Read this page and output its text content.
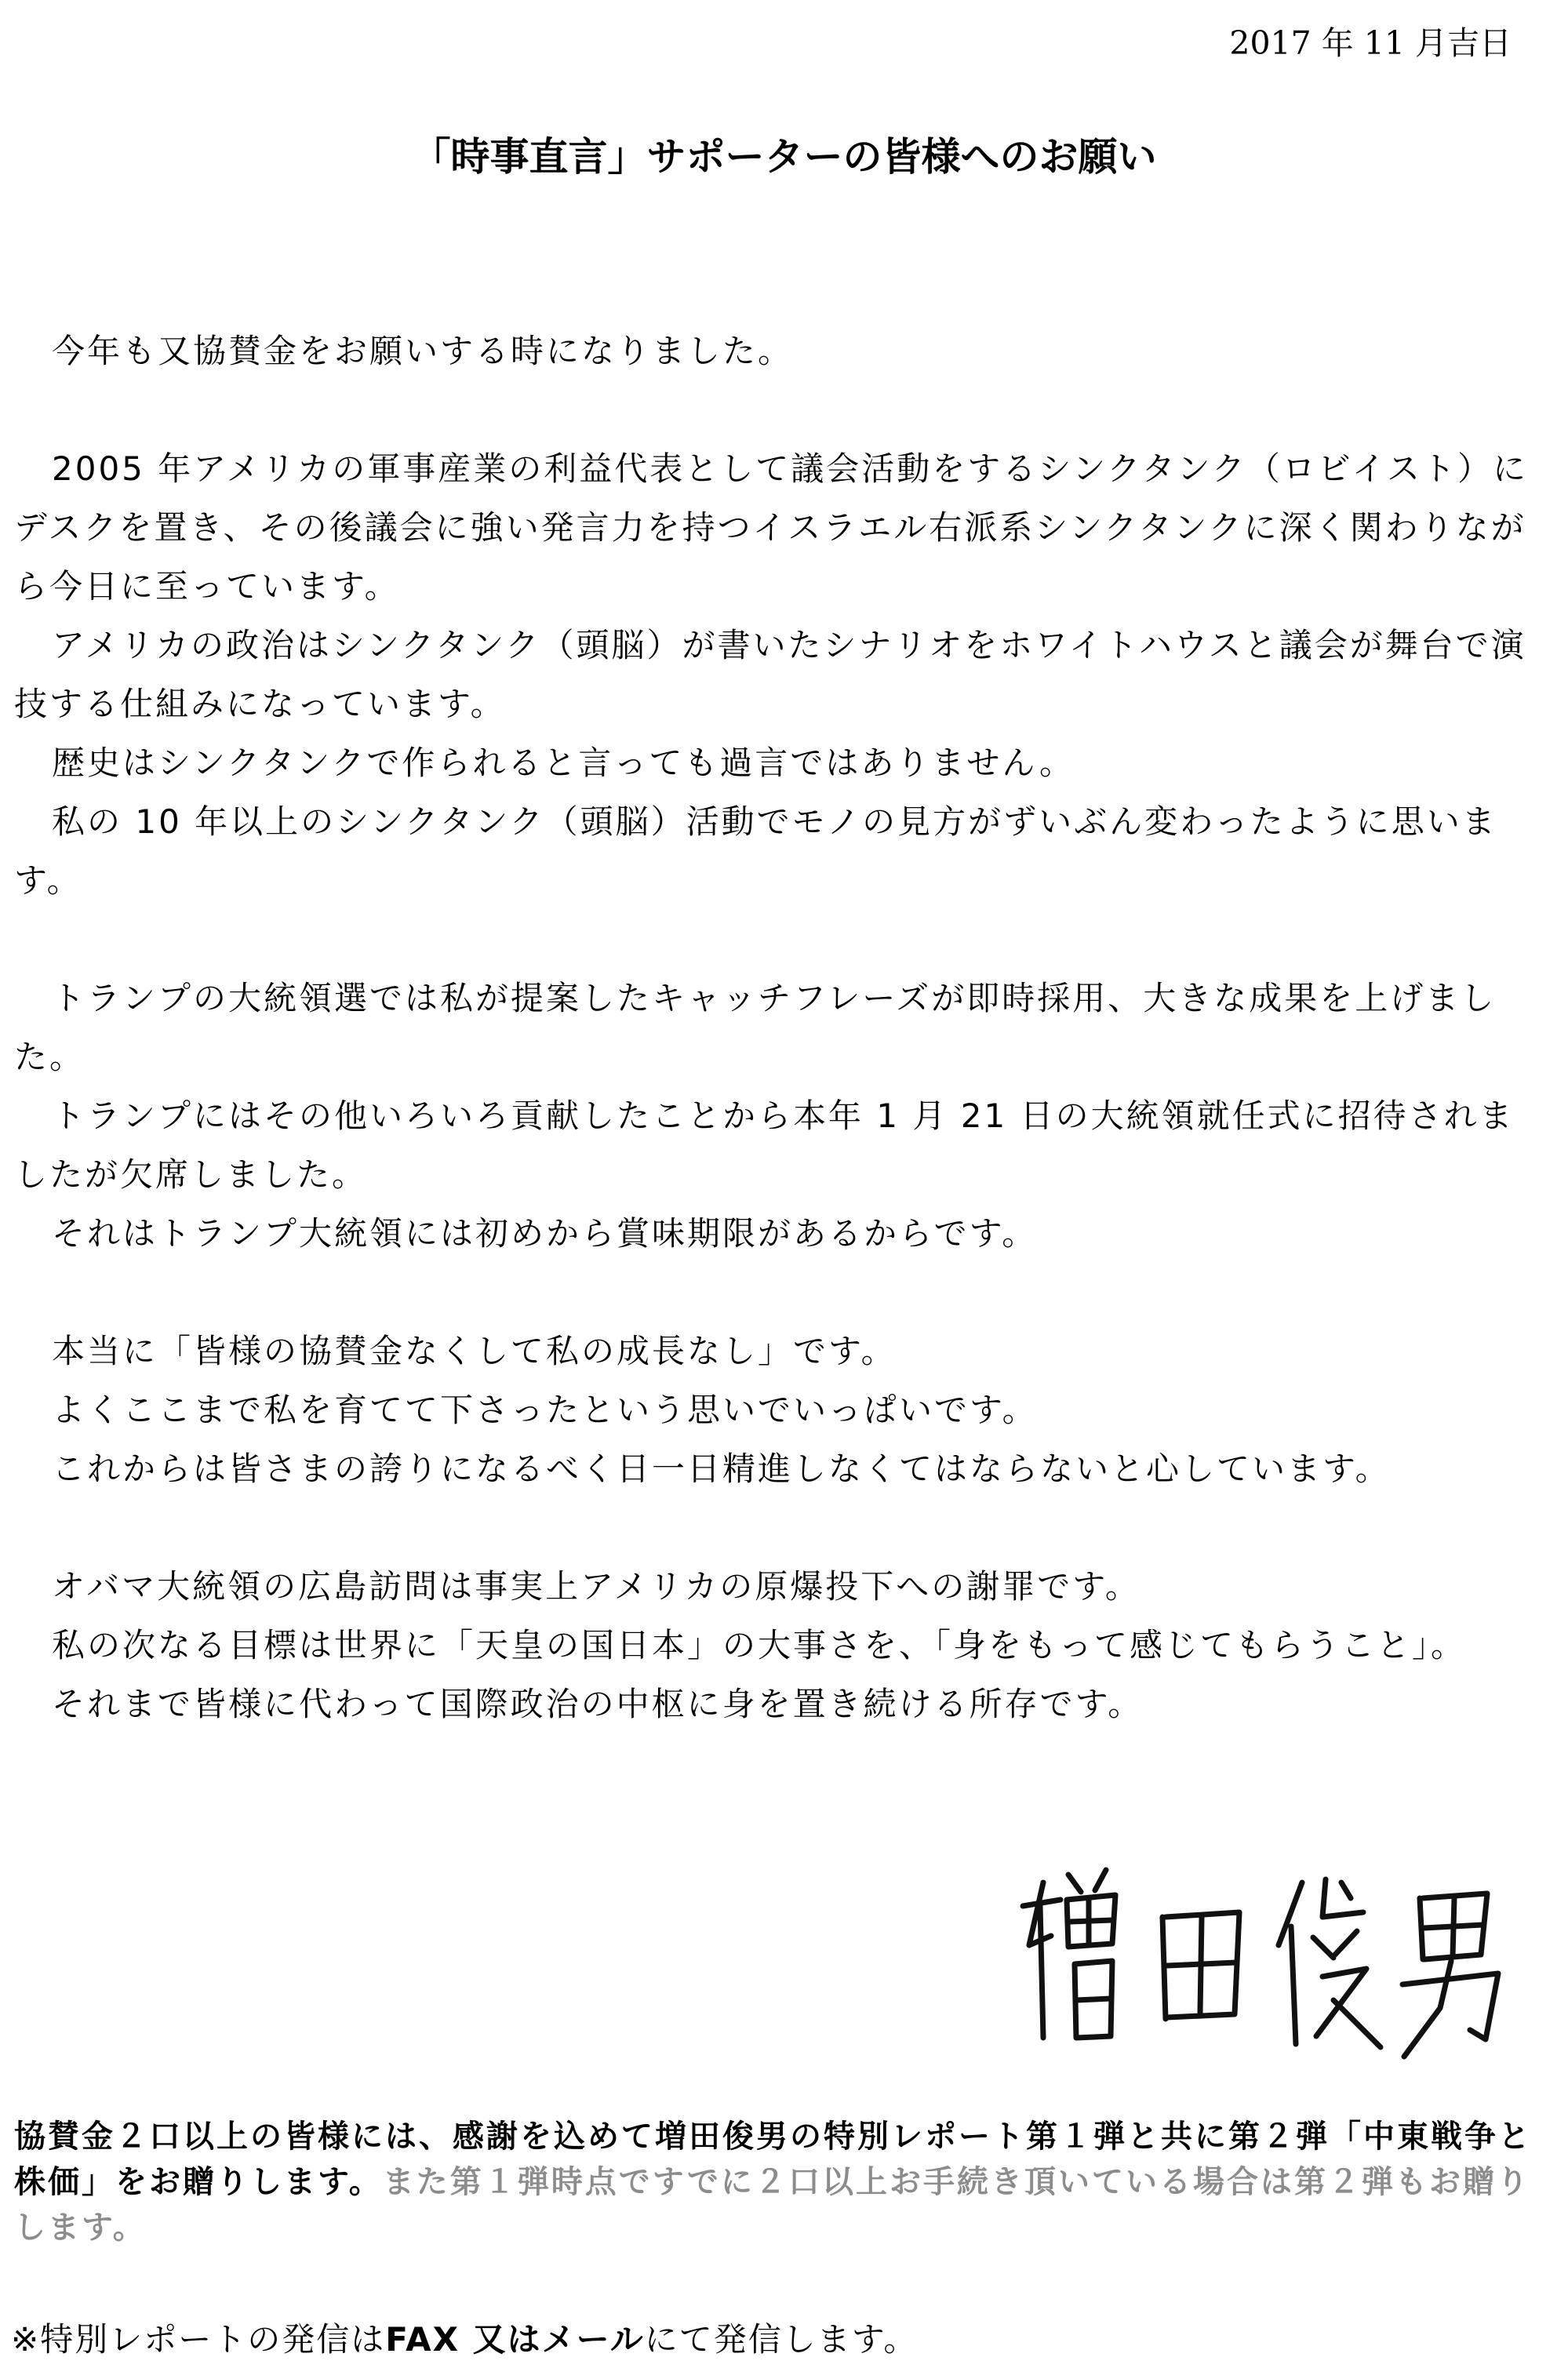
2017 年 11 月吉日
「時事直言」サポーターの皆様へのお願い

今年も又協賛金をお願いする時になりました。

2005 年アメリカの軍事産業の利益代表として議会活動をするシンクタンク（ロビイスト）にデスクを置き、その後議会に強い発言力を持つイスラエル右派系シンクタンクに深く関わりながら今日に至っています。

アメリカの政治はシンクタンク（頭脳）が書いたシナリオをホワイトハウスと議会が舞台で演技する仕組みになっています。

歴史はシンクタンクで作られると言っても過言ではありません。

私の 10 年以上のシンクタンク（頭脳）活動でモノの見方がずいぶん変わったように思います。

トランプの大統領選では私が提案したキャッチフレーズが即時採用、大きな成果を上げました。

トランプにはその他いろいろ貢献したことから本年 1 月 21 日の大統領就任式に招待されましたが欠席しました。

それはトランプ大統領には初めから賞味期限があるからです。

本当に「皆様の協賛金なくして私の成長なし」です。

よくここまで私を育てて下さったという思いでいっぱいです。

これからは皆さまの誇りになるべく日一日精進しなくてはならないと心しています。

オバマ大統領の広島訪問は事実上アメリカの原爆投下への謝罪です。

私の次なる目標は世界に「天皇の国日本」の大事さを、「身をもって感じてもらうこと」。

それまで皆様に代わって国際政治の中枢に身を置き続ける所存です。

協賛金２口以上の皆様には、感謝を込めて増田俊男の特別レポート第１弾と共に第２弾「中東戦争と株価」をお贈りします。また第１弾時点ですでに２口以上お手続き頂いている場合は第２弾もお贈りします。
※特別レポートの発信はFAX 又はメールにて発信します。
